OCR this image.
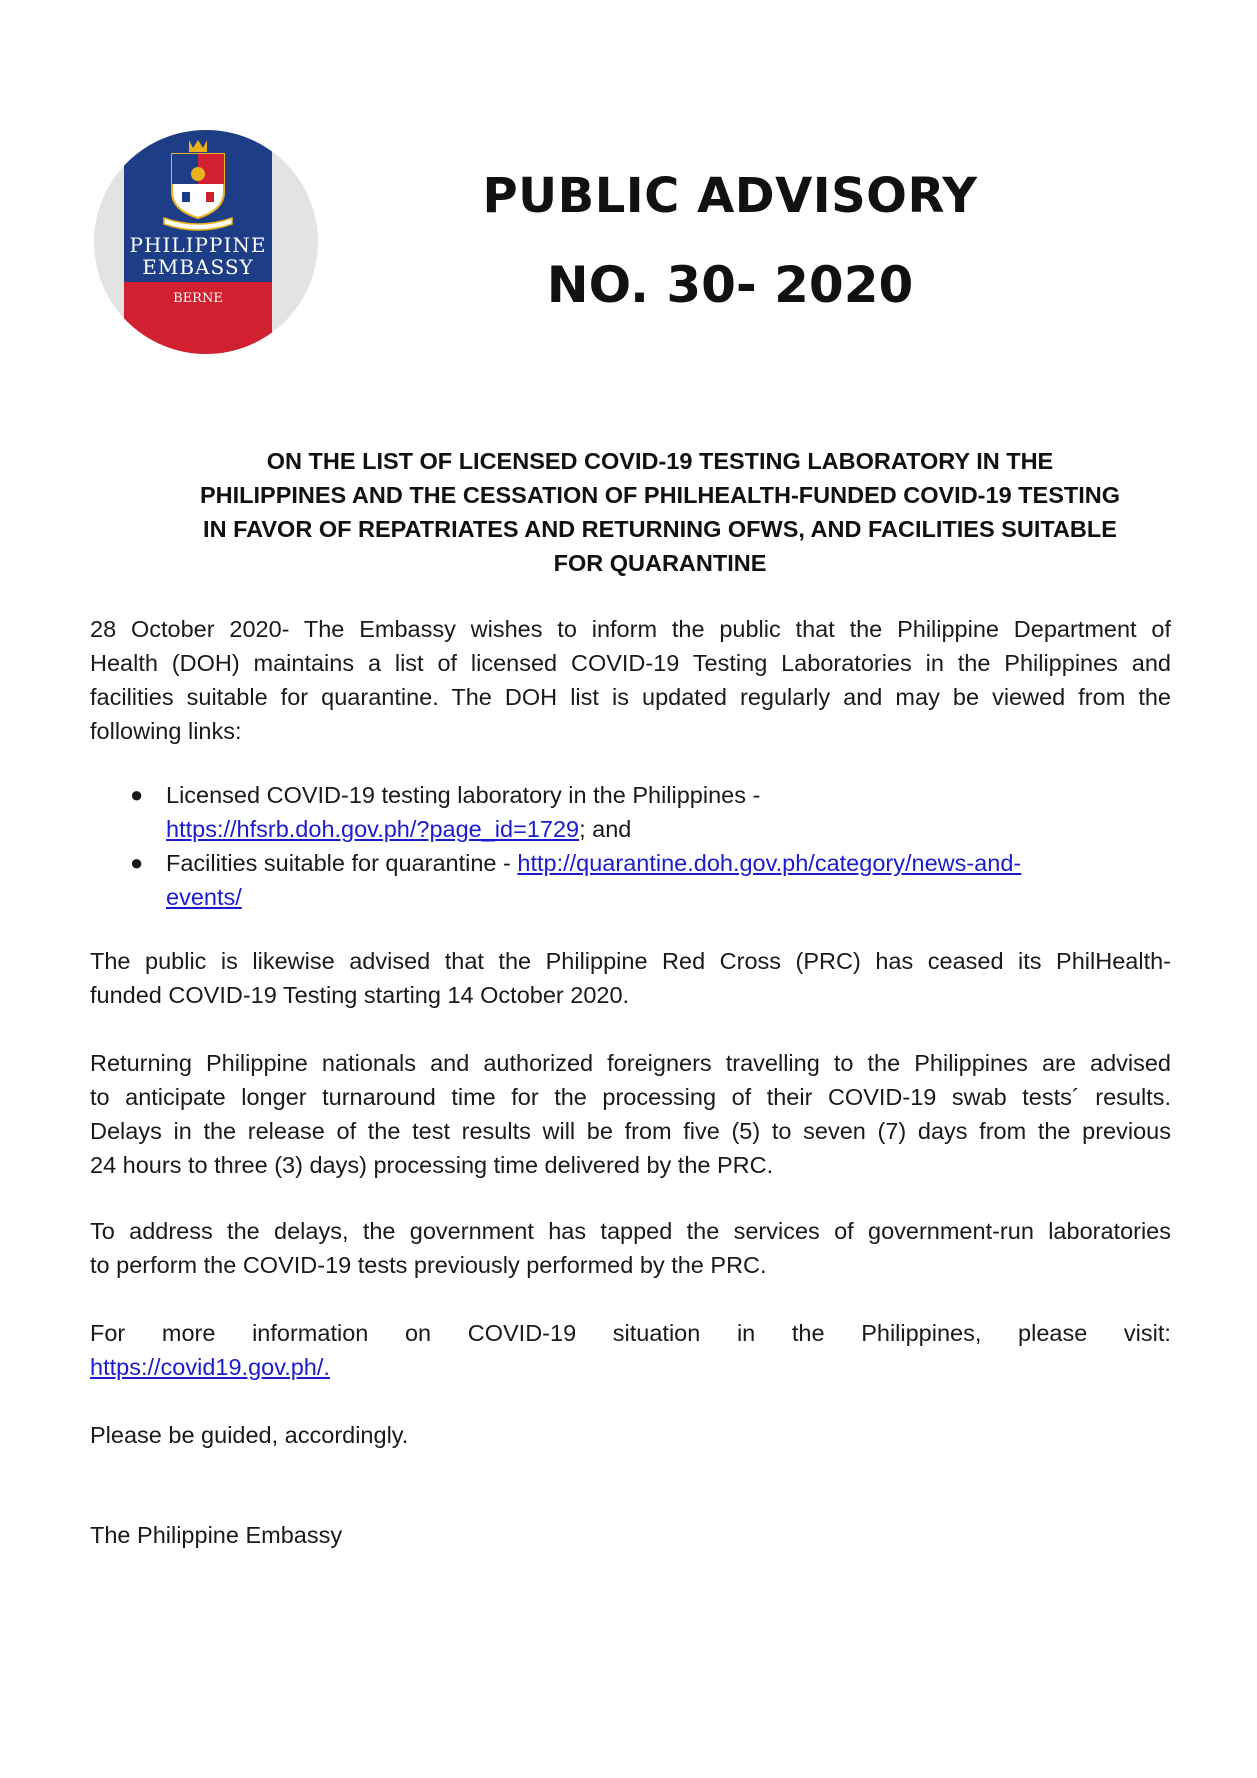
PHILIPPINE
EMBASSY
BERNE
PUBLIC ADVISORY
NO. 30- 2020
ON THE LIST OF LICENSED COVID-19 TESTING LABORATORY IN THE
PHILIPPINES AND THE CESSATION OF PHILHEALTH-FUNDED COVID-19 TESTING
IN FAVOR OF REPATRIATES AND RETURNING OFWS, AND FACILITIES SUITABLE
FOR QUARANTINE
28 October 2020- The Embassy wishes to inform the public that the Philippine Department of
Health (DOH) maintains a list of licensed COVID-19 Testing Laboratories in the Philippines and
facilities suitable for quarantine. The DOH list is updated regularly and may be viewed from the
following links:
● Licensed COVID-19 testing laboratory in the Philippines -
https://hfsrb.doh.gov.ph/?page_id=1729; and
● Facilities suitable for quarantine - http://quarantine.doh.gov.ph/category/news-and-
events/
The public is likewise advised that the Philippine Red Cross (PRC) has ceased its PhilHealth-
funded COVID-19 Testing starting 14 October 2020.
Returning Philippine nationals and authorized foreigners travelling to the Philippines are advised
to anticipate longer turnaround time for the processing of their COVID-19 swab tests´ results.
Delays in the release of the test results will be from five (5) to seven (7) days from the previous
24 hours to three (3) days) processing time delivered by the PRC.
To address the delays, the government has tapped the services of government-run laboratories
to perform the COVID-19 tests previously performed by the PRC.
For more information on COVID-19 situation in the Philippines, please visit:
https://covid19.gov.ph/.
Please be guided, accordingly.
The Philippine Embassy
